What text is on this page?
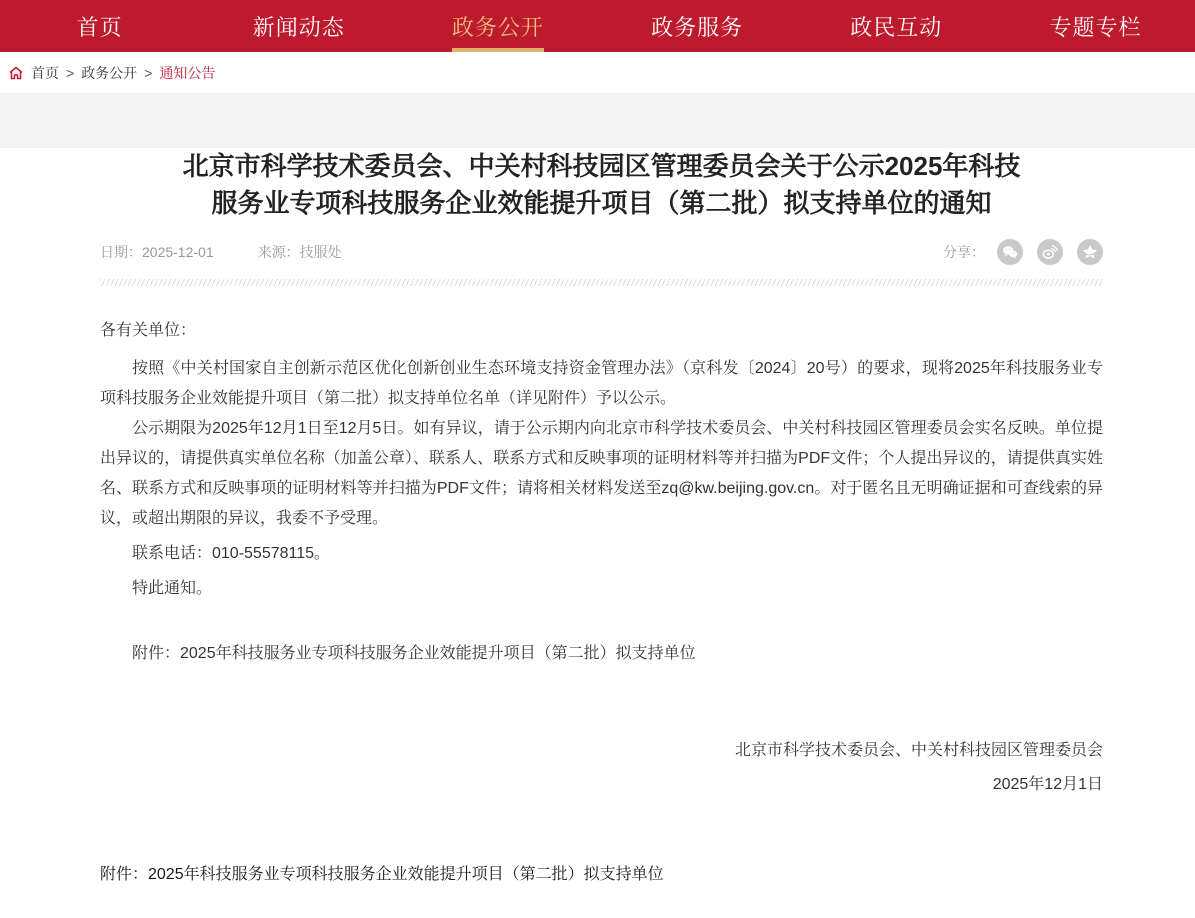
首页	新闻动态	政务公开	政务服务	政民互动	专题专栏
首页 > 政务公开 > 通知公告
北京市科学技术委员会、中关村科技园区管理委员会关于公示2025年科技
服务业专项科技服务企业效能提升项目（第二批）拟支持单位的通知
日期：2025-12-01	来源：技服处	分享：

各有关单位：

按照《中关村国家自主创新示范区优化创新创业生态环境支持资金管理办法》（京科发〔2024〕20号）的要求，现将2025年科技服务业专项科技服务企业效能提升项目（第二批）拟支持单位名单（详见附件）予以公示。

公示期限为2025年12月1日至12月5日。如有异议，请于公示期内向北京市科学技术委员会、中关村科技园区管理委员会实名反映。单位提出异议的，请提供真实单位名称（加盖公章）、联系人、联系方式和反映事项的证明材料等并扫描为PDF文件；个人提出异议的，请提供真实姓名、联系方式和反映事项的证明材料等并扫描为PDF文件；请将相关材料发送至zq@kw.beijing.gov.cn。对于匿名且无明确证据和可查线索的异议，或超出期限的异议，我委不予受理。

联系电话：010-55578115。

特此通知。

附件：2025年科技服务业专项科技服务企业效能提升项目（第二批）拟支持单位

北京市科学技术委员会、中关村科技园区管理委员会
2025年12月1日
附件：2025年科技服务业专项科技服务企业效能提升项目（第二批）拟支持单位
